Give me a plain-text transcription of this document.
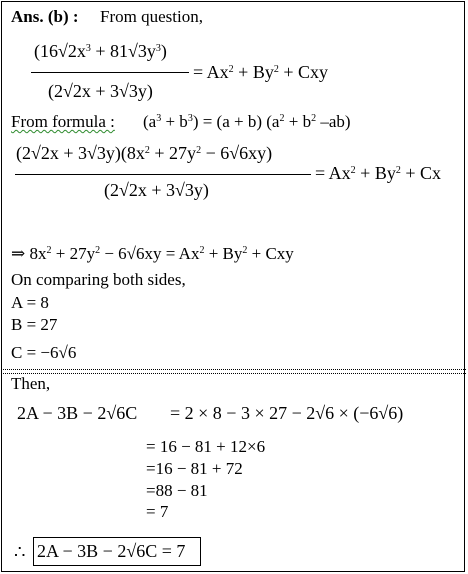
Ans. (b) : From question,
$(16√2x^3 + 81√3y^3)$
(2√2x + 3√3y)
= $Ax^2 + By^2$ + Cxy
From formula : $(a^3 + b^3) = (a + b) (a^2 + b^2$ –ab)
$(2√2x + 3√3y)(8x^2 + 27y^2 - 6√6xy)$
(2√2x + 3√3y)
= $Ax^2 + By^2 + Cx$
⇒ $8x^2 + 27y^2 - 6√6xy = Ax^2 + By^2$ + Cxy
On comparing both sides,
A = 8
B = 27
C = −6√6
Then,
2A − 3B − 2√6C = 2 × 8 − 3 × 27 − 2√6 × (−6√6)
= 16 − 81 + 12×6
=16 − 81 + 72
=88 − 81
= 7
∴ 2A − 3B − 2√6C = 7
